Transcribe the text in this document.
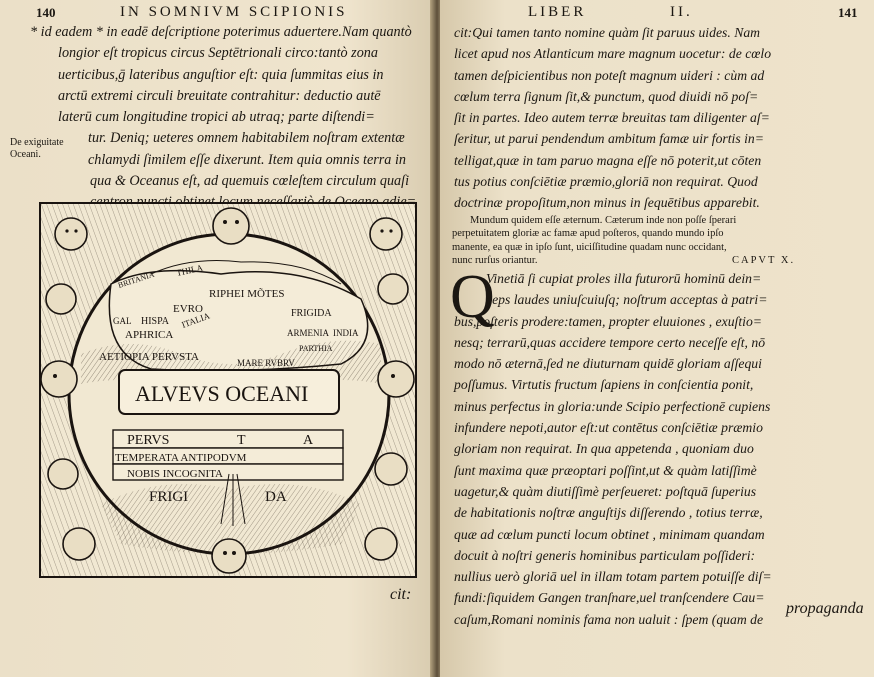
140	IN SOMNIVM SCIPIONIS
* id eadem * in eadē deſcriptione poterimus aduertere.Nam quantò
longior eſt tropicus circus Septētrionali circo:tantò zona
uerticibus,ḡ lateribus anguſtior eſt: quia ſummitas eius in
arctū extremi circuli breuitate contrahitur: deductio autē
laterū cum longitudine tropici ab utraq; parte diſtendi=
tur. Deniq; ueteres omnem habitabilem noſtram extentæ
chlamydi ſimilem eſſe dixerunt. Item quia omnis terra in
qua & Oceanus eſt, ad quemuis cœleſtem circulum quaſi
De exiguitate
Oceani.
THILA
BRITANIA
RIPHEI MÕTES
EVRO	FRIGIDA
GAL HISPA ITALIA
APHRICA	ARMENIA INDIA
AETIOPIA PERVSTA
PARTHIA
MARE RVBRV
ALVEVS OCEANI
PERVS	T	A
TEMPERATA ANTIPODVM
NOBIS INCOGNITA
FRIGI	DA
cit:
LIBER	II.	141
cit:Qui tamen tanto nomine quàm ſit paruus uides. Nam
licet apud nos Atlanticum mare magnum uocetur: de cœlo
tamen deſpicientibus non poteſt magnum uideri : cùm ad
cœlum terra ſignum ſit,& punctum, quod diuidi nō poſ=
ſit in partes. Ideo autem terræ breuitas tam diligenter aſ=
ſeritur, ut parui pendendum ambitum famæ uir fortis in=
telligat,quæ in tam paruo magna eſſe nō poterit,ut cōten
tus potius conſciētiæ præmio,gloriā non requirat. Quod
doctrinæ propoſitum,non minus in ſequētibus apparebit.
Mundum quidem eſſe æternum. Cæterum inde non poſſe ſperari
perpetuitatem gloriæ ac famæ apud poſteros, quando mundo ipſo
manente, ea quæ in ipſo ſunt, uiciſſitudine quadam nunc occidant,
nunc rurſus oriantur.	CAPVT X.
Q
Vinetiā ſi cupiat proles illa futurorū hominū dein=
ceps laudes uniuſcuiuſq; noſtrum acceptas à patri=
bus,poſteris prodere:tamen, propter eluuiones , exuſtio=
nesq; terrarū,quas accidere tempore certo neceſſe eſt, nō
modo nō æternā,ſed ne diuturnam quidē gloriam aſſequi
poſſumus. Virtutis fructum ſapiens in conſcientia ponit,
minus perfectus in gloria:unde Scipio perfectionē cupiens
infundere nepoti,autor eſt:ut contētus conſciētiæ præmio
gloriam non requirat. In qua appetenda , quoniam duo
ſunt maxima quæ præoptari poſſint,ut & quàm latiſſimè
uagetur,& quàm diutiſſimè perſeueret: poſtquā ſuperius
de habitationis noſtræ anguſtijs diſſerendo , totius terræ,
quæ ad cœlum puncti locum obtinet , minimam quandam
docuit à noſtri generis hominibus particulam poſſideri:
nullius uerò gloriā uel in illam totam partem potuiſſe diſ=
fundi:ſiquidem Gangen tranſnare,uel tranſcendere Cau=
caſum,Romani nominis fama non ualuit : ſpem (quam de
propaganda
